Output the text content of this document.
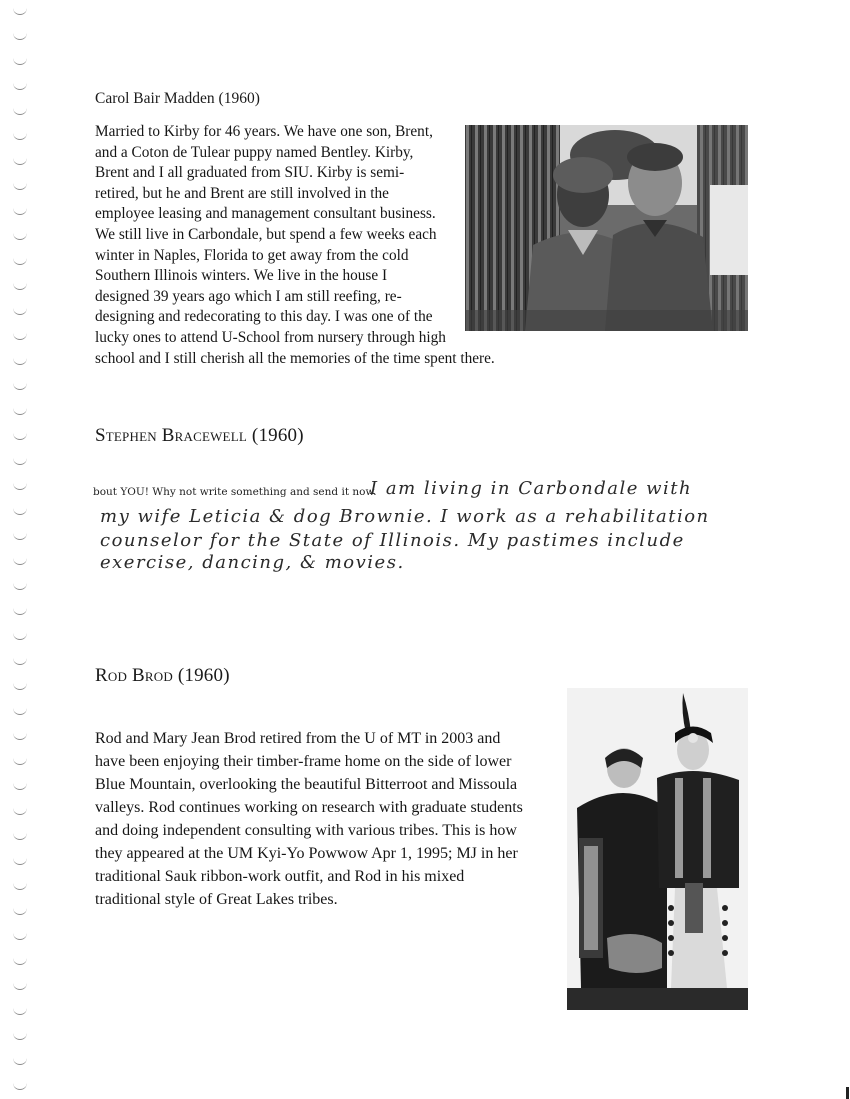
Carol Bair Madden (1960)
Married to Kirby for 46 years. We have one son, Brent,
and a Coton de Tulear puppy named Bentley. Kirby,
Brent and I all graduated from SIU. Kirby is semi-
retired, but he and Brent are still involved in the
employee leasing and management consultant business.
We still live in Carbondale, but spend a few weeks each
winter in Naples, Florida to get away from the cold
Southern Illinois winters. We live in the house I
designed 39 years ago which I am still reefing, re-
designing and redecorating to this day. I was one of the
lucky ones to attend U-School from nursery through high
school and I still cherish all the memories of the time spent there.
Stephen Bracewell (1960)
bout YOU! Why not write something and send it now.
I am living in Carbondale with
my wife Leticia & dog Brownie. I work as a rehabilitation
counselor for the State of Illinois. My pastimes include
exercise, dancing, & movies.
Rod Brod (1960)
Rod and Mary Jean Brod retired from the U of MT in 2003 and
have been enjoying their timber-frame home on the side of lower
Blue Mountain, overlooking the beautiful Bitterroot and Missoula
valleys. Rod continues working on research with graduate students
and doing independent consulting with various tribes. This is how
they appeared at the UM Kyi-Yo Powwow Apr 1, 1995; MJ in her
traditional Sauk ribbon-work outfit, and Rod in his mixed
traditional style of Great Lakes tribes.
